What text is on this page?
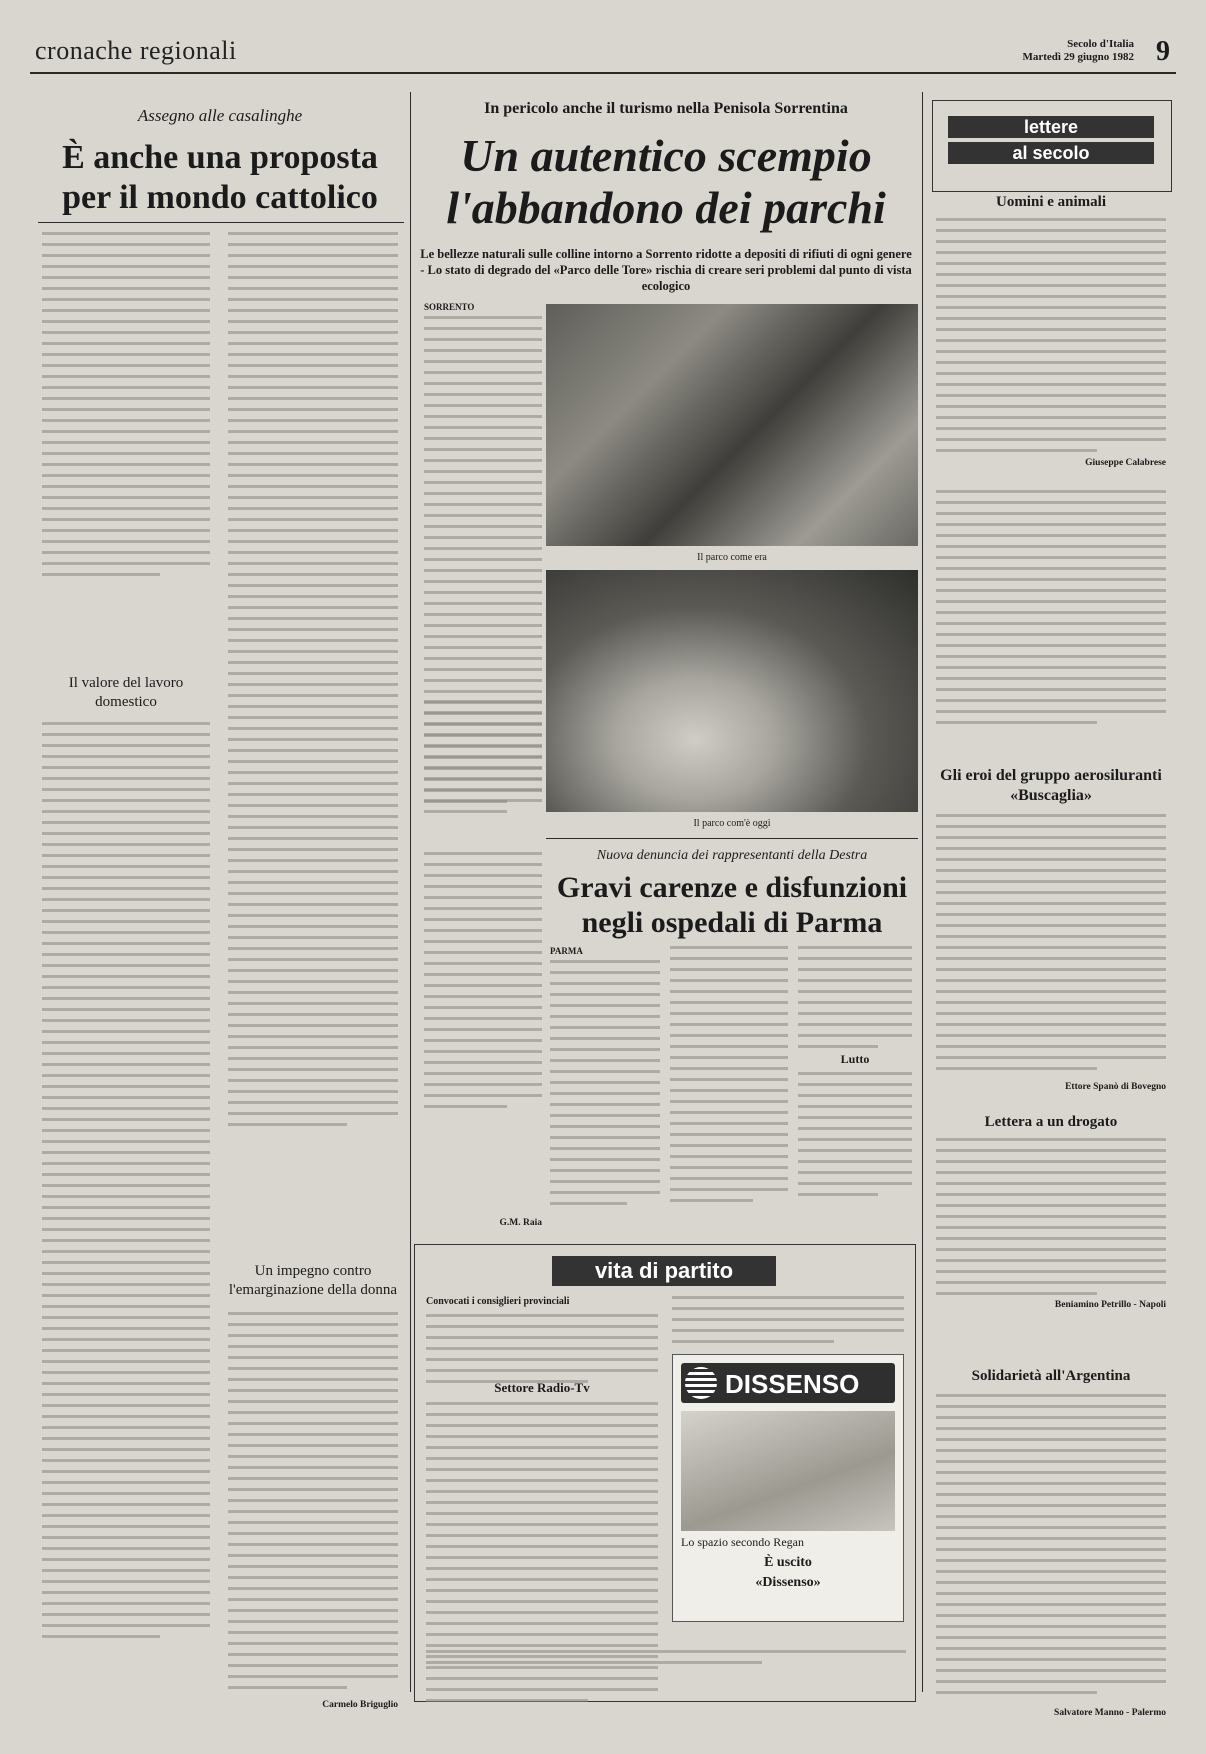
cronache regionali	Secolo d'Italia
Martedì 29 giugno 1982 9
Assegno alle casalinghe
È anche una proposta per il mondo cattolico
Il valore del lavoro domestico
Un impegno contro l'emarginazione della donna
Carmelo Briguglio
In pericolo anche il turismo nella Penisola Sorrentina
Un autentico scempio l'abbandono dei parchi
Le bellezze naturali sulle colline intorno a Sorrento ridotte a depositi di rifiuti di ogni genere - Lo stato di degrado del «Parco delle Tore» rischia di creare seri problemi dal punto di vista ecologico
SORRENTO
Il parco come era
Il parco com'è oggi
Nuova denuncia dei rappresentanti della Destra
Gravi carenze e disfunzioni negli ospedali di Parma
G.M. Raia
PARMA
Lutto
vita di partito
Convocati i consiglieri provinciali
Settore Radio-Tv	DISSENSO
Lo spazio secondo Regan
È uscito
«Dissenso»
lettere
al secolo
Uomini e animali
Giuseppe Calabrese
Gli eroi del gruppo aerosiluranti «Buscaglia»
Ettore Spanò di Bovegno
Lettera a un drogato
Beniamino Petrillo - Napoli
Solidarietà all'Argentina
Salvatore Manno - Palermo
